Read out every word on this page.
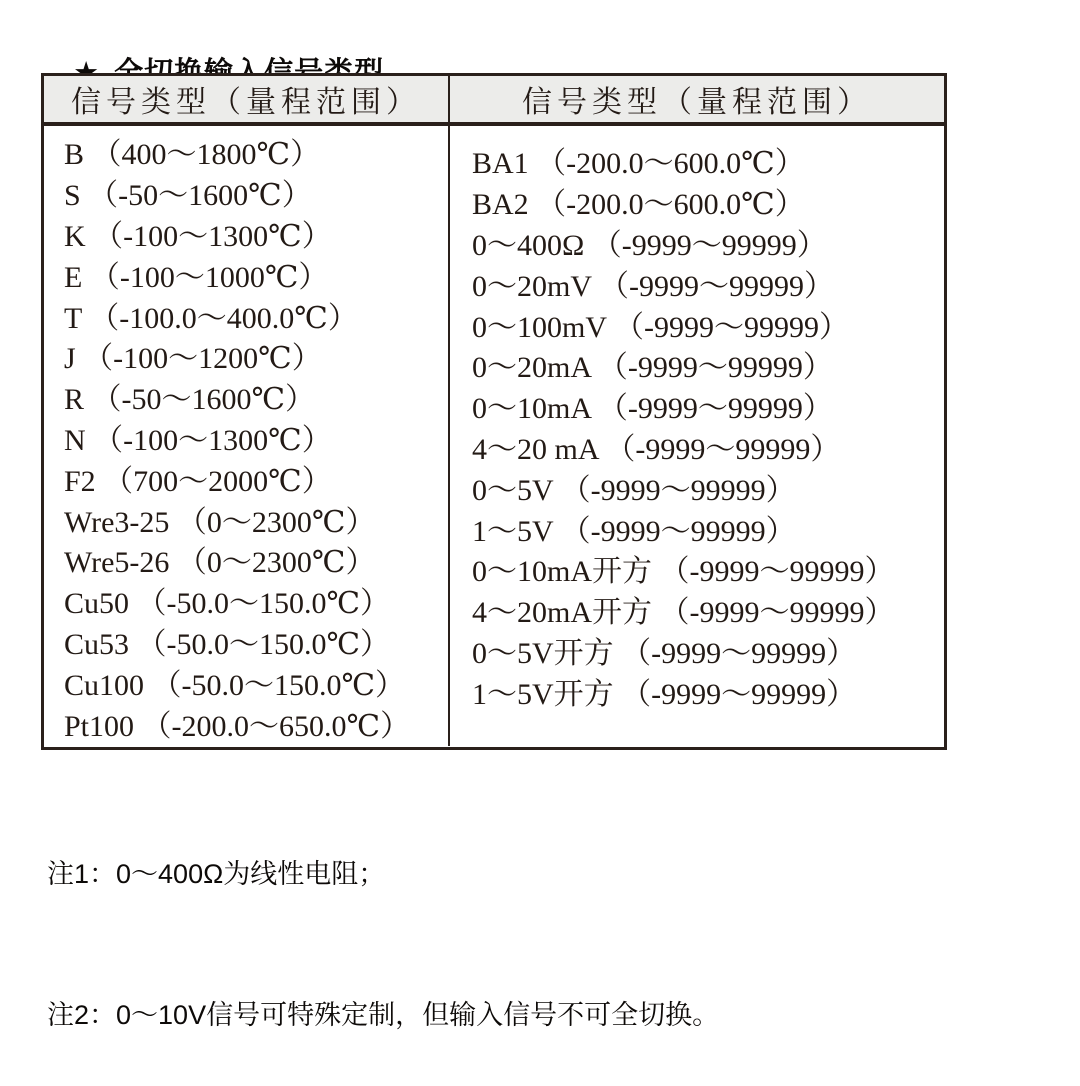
信号类型（量程范围）	信号类型（量程范围）
B （400～1800℃）
S （-50～1600℃）
K （-100～1300℃）
E （-100～1000℃）
T （-100.0～400.0℃）
J （-100～1200℃）
R （-50～1600℃）
N （-100～1300℃）
F2 （700～2000℃）
Wre3-25 （0～2300℃）
Wre5-26 （0～2300℃）
Cu50 （-50.0～150.0℃）
Cu53 （-50.0～150.0℃）
Cu100 （-50.0～150.0℃）
Pt100 （-200.0～650.0℃）
BA1 （-200.0～600.0℃）
BA2 （-200.0～600.0℃）
0～400Ω （-9999～99999）
0～20mV （-9999～99999）
0～100mV （-9999～99999）
0～20mA （-9999～99999）
0～10mA （-9999～99999）
4～20 mA （-9999～99999）
0～5V （-9999～99999）
1～5V （-9999～99999）
0～10mA开方 （-9999～99999）
4～20mA开方 （-9999～99999）
0～5V开方 （-9999～99999）
1～5V开方 （-9999～99999）

注1：0～400Ω为线性电阻；

注2：0～10V信号可特殊定制，但输入信号不可全切换。
